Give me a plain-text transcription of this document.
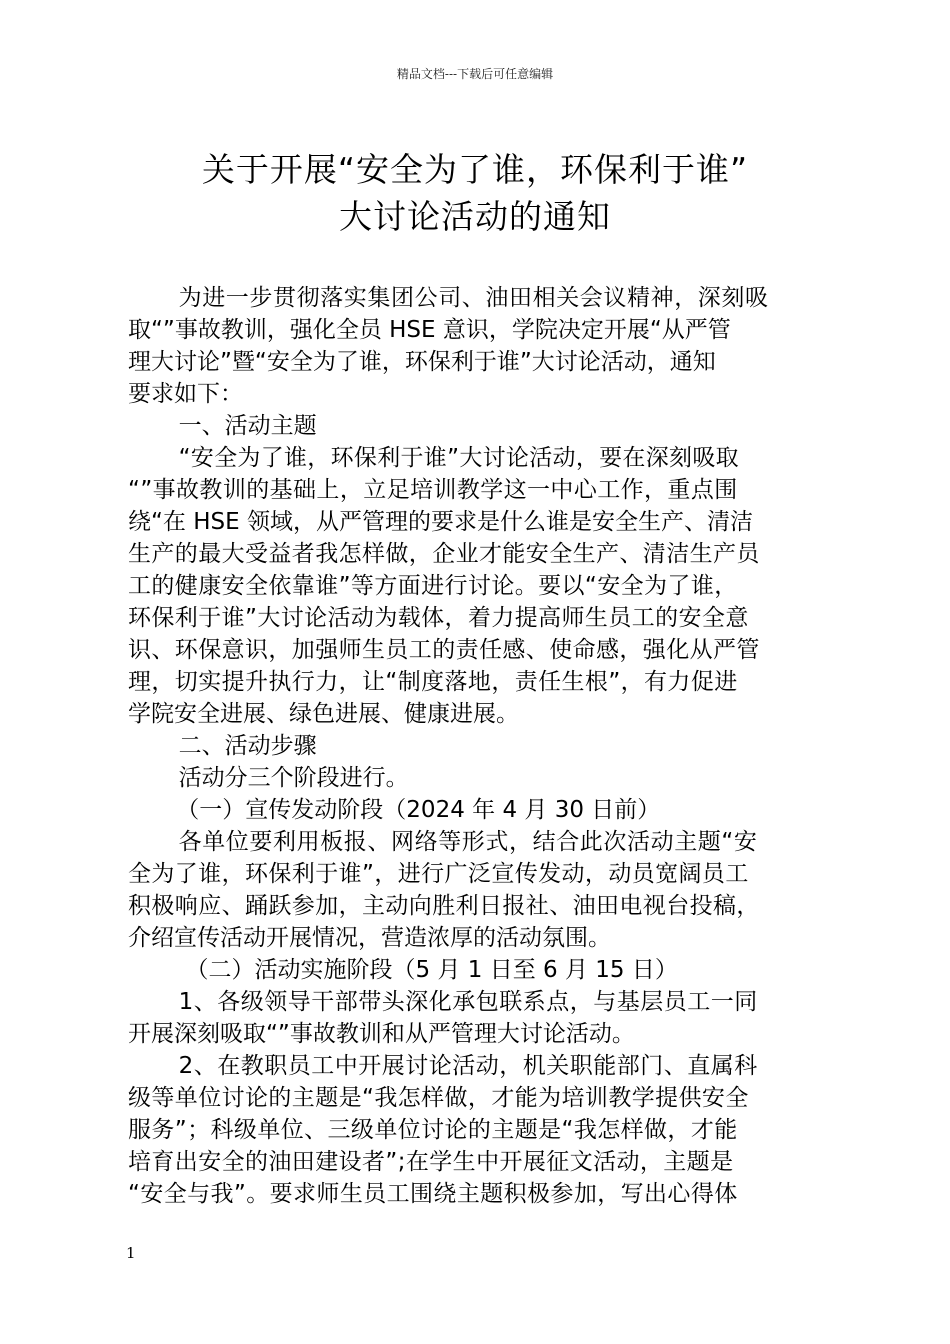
精品文档---下载后可任意编辑
关于开展“安全为了谁，环保利于谁”
大讨论活动的通知
为进一步贯彻落实集团公司、油田相关会议精神，深刻吸
取“”事故教训，强化全员 HSE 意识，学院决定开展“从严管
理大讨论”暨“安全为了谁，环保利于谁”大讨论活动，通知
要求如下：
一、活动主题
“安全为了谁，环保利于谁”大讨论活动，要在深刻吸取
“”事故教训的基础上，立足培训教学这一中心工作，重点围
绕“在 HSE 领域，从严管理的要求是什么谁是安全生产、清洁
生产的最大受益者我怎样做，企业才能安全生产、清洁生产员
工的健康安全依靠谁”等方面进行讨论。要以“安全为了谁，
环保利于谁”大讨论活动为载体，着力提高师生员工的安全意
识、环保意识，加强师生员工的责任感、使命感，强化从严管
理，切实提升执行力，让“制度落地，责任生根”，有力促进
学院安全进展、绿色进展、健康进展。
二、活动步骤
活动分三个阶段进行。
（一）宣传发动阶段（2024 年 4 月 30 日前）
各单位要利用板报、网络等形式，结合此次活动主题“安
全为了谁，环保利于谁”，进行广泛宣传发动，动员宽阔员工
积极响应、踊跃参加，主动向胜利日报社、油田电视台投稿，
介绍宣传活动开展情况，营造浓厚的活动氛围。
（二）活动实施阶段（5 月 1 日至 6 月 15 日）
1、各级领导干部带头深化承包联系点，与基层员工一同
开展深刻吸取“”事故教训和从严管理大讨论活动。
2、在教职员工中开展讨论活动，机关职能部门、直属科
级等单位讨论的主题是“我怎样做，才能为培训教学提供安全
服务”；科级单位、三级单位讨论的主题是“我怎样做，才能
培育出安全的油田建设者”;在学生中开展征文活动，主题是
“安全与我”。要求师生员工围绕主题积极参加，写出心得体
1
